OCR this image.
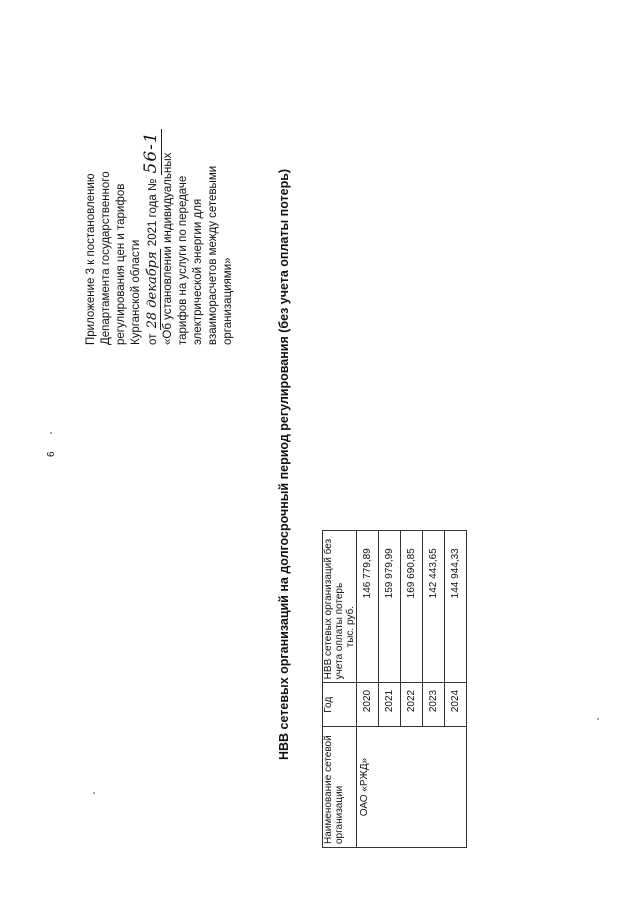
6
Приложение 3 к постановлению Департамента государственного регулирования цен и тарифов Курганской области от 28 декабря 2021 года № 56-1
«Об установлении индивидуальных тарифов на услуги по передаче электрической энергии для взаиморасчетов между сетевыми организациями»	НВВ сетевых организаций на долгосрочный период регулирования (без учета оплаты потерь)
Наименование сетевой организации	Год	НВВ сетевых организаций без учета оплаты потерь тыс. руб.

ОАО «РЖД»	2020	146 779,89
	2021	159 979,99
	2022	169 690,85
	2023	142 443,65
	2024	144 944,33
